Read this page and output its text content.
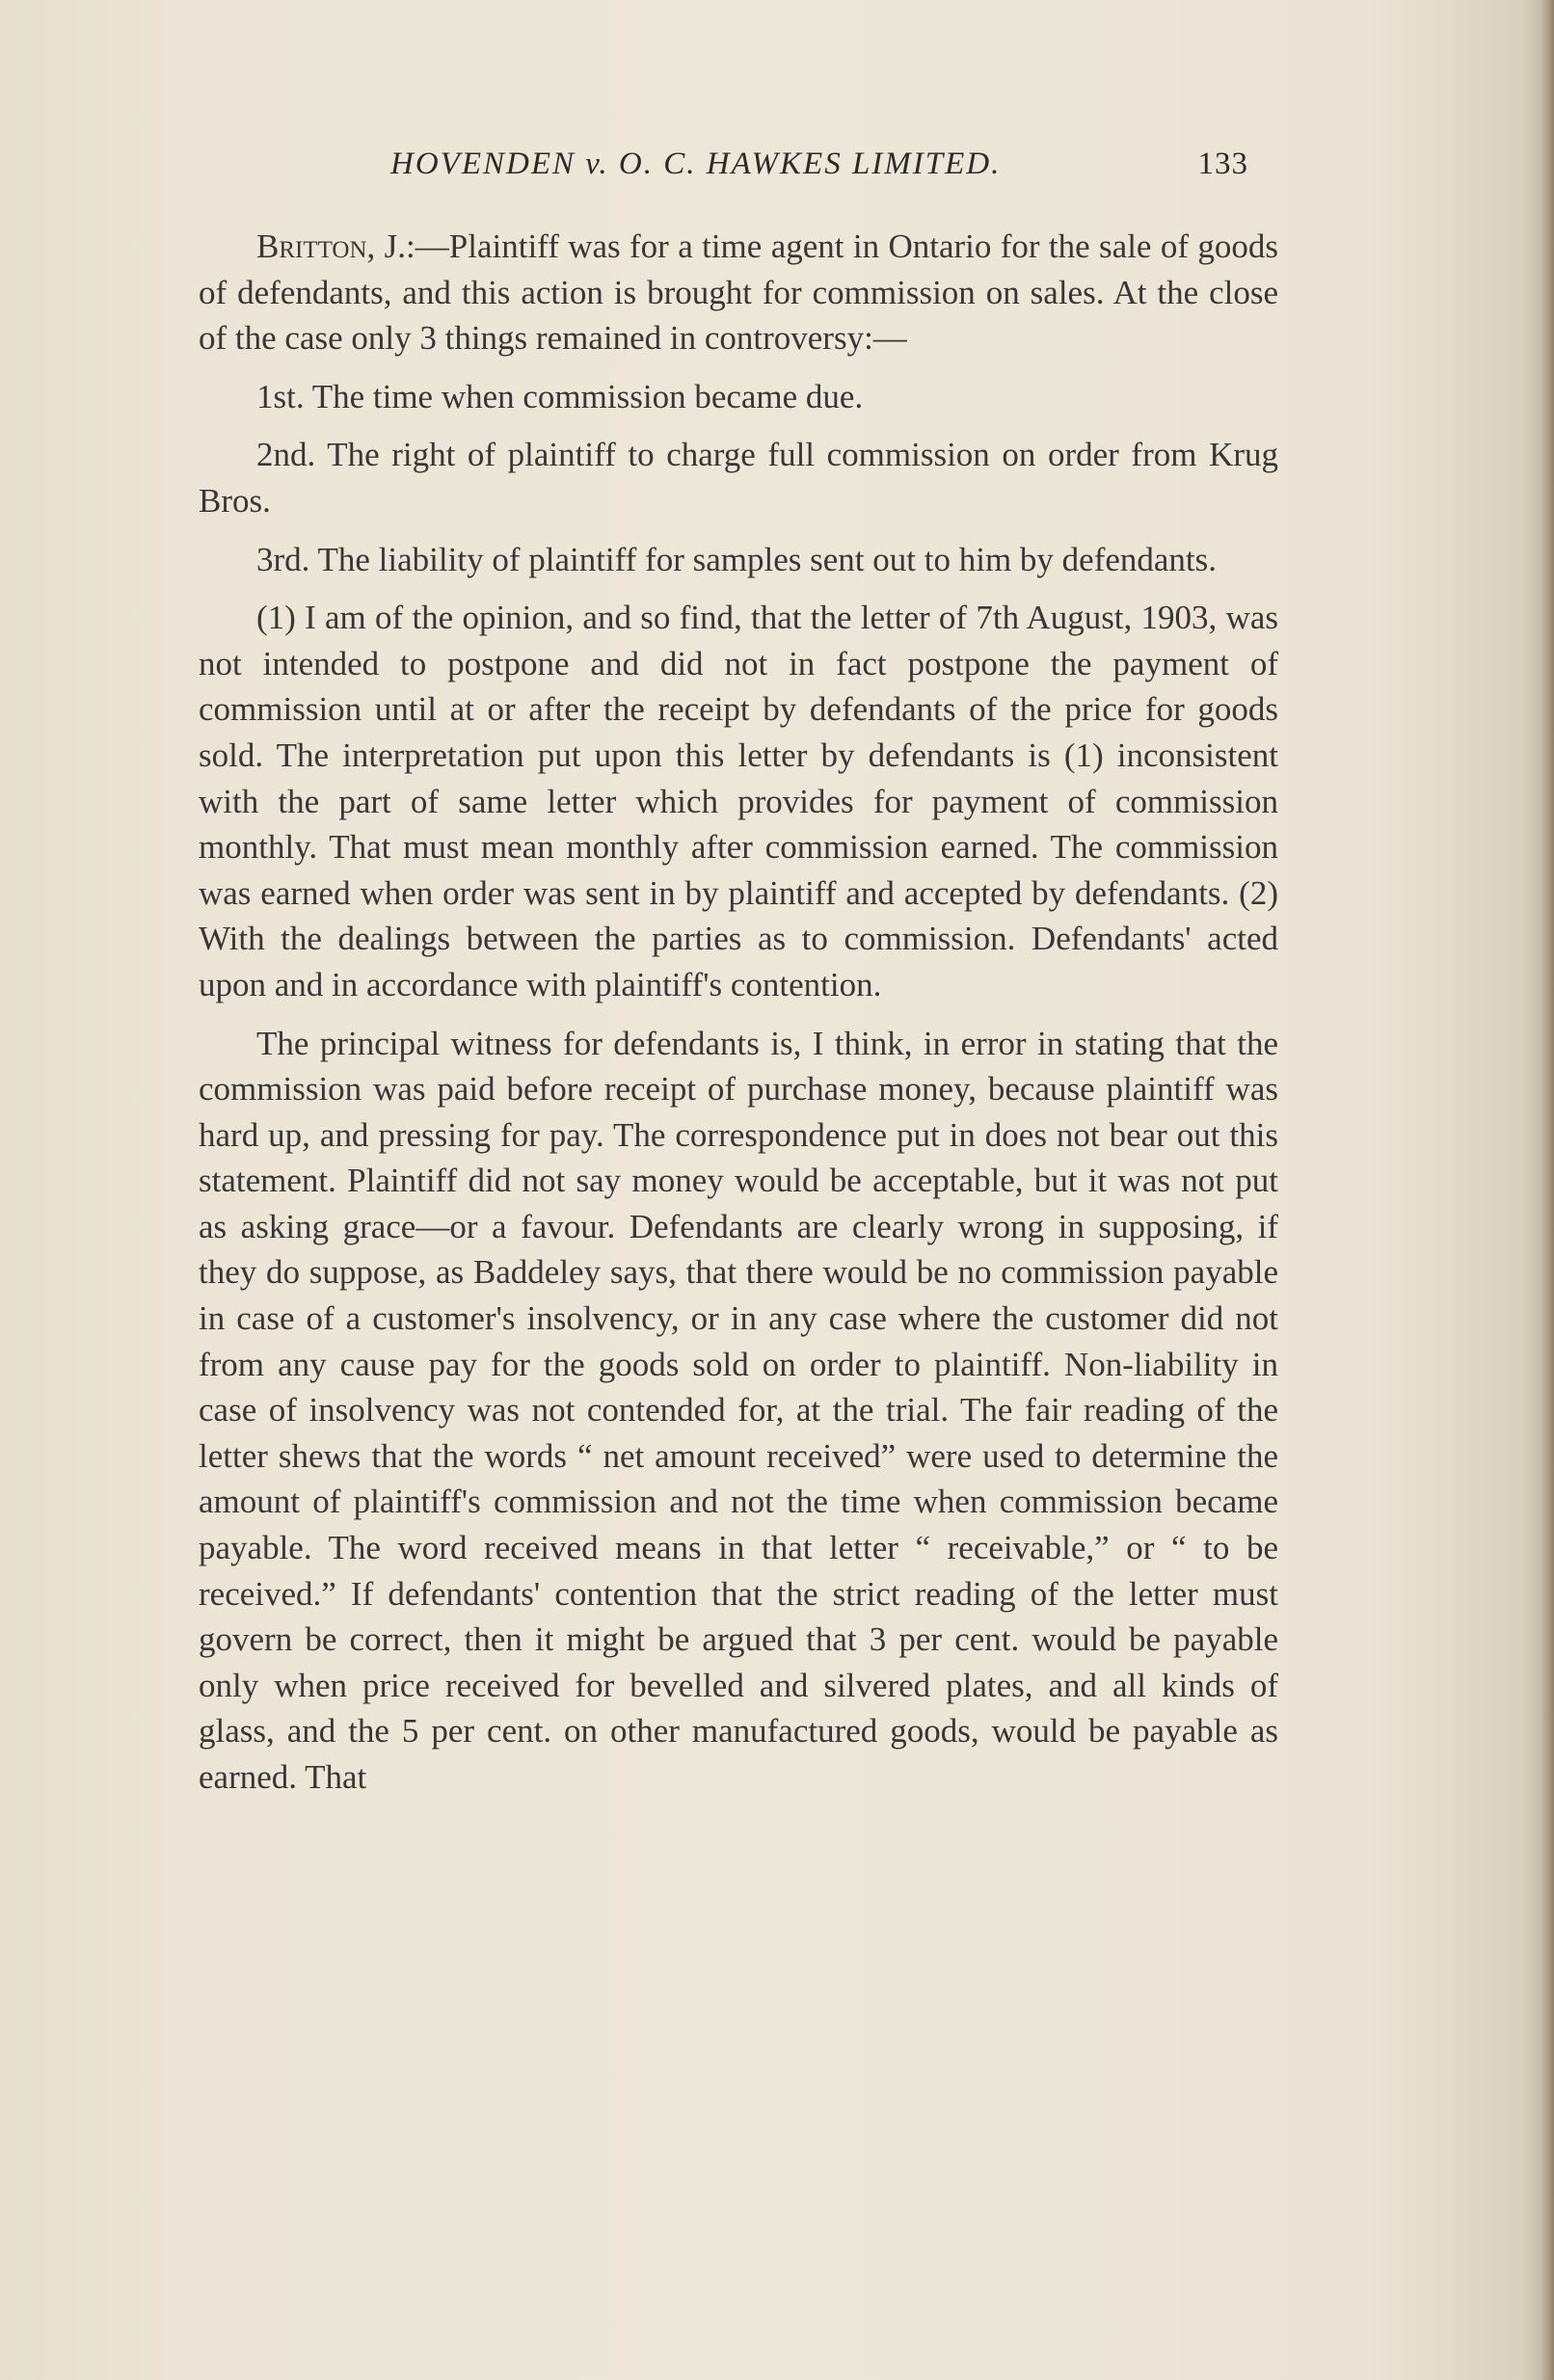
HOVENDEN v. O. C. HAWKES LIMITED.	133

Britton, J.:—Plaintiff was for a time agent in Ontario for the sale of goods of defendants, and this action is brought for commission on sales. At the close of the case only 3 things remained in controversy:—

1st. The time when commission became due.

2nd. The right of plaintiff to charge full commission on order from Krug Bros.

3rd. The liability of plaintiff for samples sent out to him by defendants.

(1) I am of the opinion, and so find, that the letter of 7th August, 1903, was not intended to postpone and did not in fact postpone the payment of commission until at or after the receipt by defendants of the price for goods sold. The interpretation put upon this letter by defendants is (1) inconsistent with the part of same letter which provides for payment of commission monthly. That must mean monthly after commission earned. The commission was earned when order was sent in by plaintiff and accepted by defendants. (2) With the dealings between the parties as to commission. Defendants' acted upon and in accordance with plaintiff's contention.

The principal witness for defendants is, I think, in error in stating that the commission was paid before receipt of purchase money, because plaintiff was hard up, and pressing for pay. The correspondence put in does not bear out this statement. Plaintiff did not say money would be acceptable, but it was not put as asking grace—or a favour. Defendants are clearly wrong in supposing, if they do suppose, as Baddeley says, that there would be no commission payable in case of a customer's insolvency, or in any case where the customer did not from any cause pay for the goods sold on order to plaintiff. Non-liability in case of insolvency was not contended for, at the trial. The fair reading of the letter shews that the words “ net amount received” were used to determine the amount of plaintiff's commission and not the time when commission became payable. The word received means in that letter “ receivable,” or “ to be received.” If defendants' contention that the strict reading of the letter must govern be correct, then it might be argued that 3 per cent. would be payable only when price received for bevelled and silvered plates, and all kinds of glass, and the 5 per cent. on other manufactured goods, would be payable as earned. That
